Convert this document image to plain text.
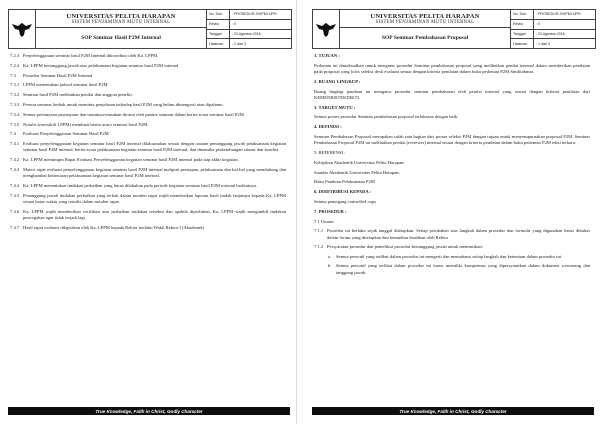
UNIVERSITAS PELITA HARAPAN
SISTEM PENJAMINAN MUTU INTERNAL
SOP Seminar Hasil P2M Internal
No. Dok.	: PROSEDUR-SISPMI-UPH
Revisi	: 0
Tanggal	: 22 Agustus 2016
Halaman	: 2 dari 2
7.2.3 Penyelenggaraan seminar hasil P2M Internal dikoordinir oleh Ka. LPPM.
7.2.4 Ka. LPPM bertanggung jawab atas pelaksanaan kegiatan seminar hasil P2M internal.
7.3	Prosedur Seminar Hasil P2M Internal
7.3.1 LPPM menentukan jadwal seminar hasil P2M
7.3.2 Seminar hasil P2M melibatkan penilai dan anggota peneliti.
7.3.3 Peserta seminar berhak untuk meminta penjelasan terhadap hasil P2M yang belum dimengerti atau dipahami.
7.3.4 Semua pertanyaan-pertanyaan dan masukan-masukan dicatat oleh panitia seminar dalam berita acara seminar hasil P2M.
7.3.5 Notulis (mewakili LPPM) membuat berita acara seminar hasil P2M.
7.4	Evaluasi Penyelenggaraan Seminar Hasil P2M
7.4.1 Evaluasi penyelenggaraan kegiatan seminar hasil P2M internal dilaksanakan sesuai dengan catatan penanggung jawab pelaksanaan kegiatan seminar hasil P2M internal, berita acara pelaksanaan kegiatan seminar hasil P2M internal, dan dinamika perkembangan situasi dan kondisi.
7.4.2 Ka. LPPM memimpin Rapat Evaluasi Penyelenggaraan kegiatan seminar hasil P2M internal pada tiap akhir kegiatan.
7.4.3 Materi rapat evaluasi penyelenggaraan kegiatan seminar hasil P2M internal meliputi persiapan, pelaksanaan dan hal-hal yang mendukung dan menghambat kelancaran pelaksanaan kegiatan seminar hasil P2M internal.
7.4.4 Ka. LPPM menentukan tindakan perbaikan yang harus dilakukan pada periode kegiatan seminar hasil P2M internal berikutnya.
7.4.5 Penanggung jawab tindakan perbaikan yang terkait dalam notulen rapat wajib memberikan laporan hasil tindak lanjutnya kepada Ka. LPPM sesuai batas waktu yang tertulis dalam notulen rapat.
7.4.6 Ka. LPPM wajib memberikan verifikasi atas perbaikan tindakan tersebut dan apabila diperlukan, Ka. LPPM wajib mengambil tindakan pencegahan agar tidak terjadi lagi.
7.4.7 Hasil rapat evaluasi dilaporkan oleh Ka. LPPM kepada Rektor melalui Wakil Rektor I (Akademik)
True Knowledge, Faith in Christ, Godly Character
UNIVERSITAS PELITA HARAPAN
SISTEM PENJAMINAN MUTU INTERNAL
SOP Seminar Pembahasan Proposal
No. Dok.	: PROSEDUR-SISPMI-UPH
Revisi	: 0
Tanggal	: 22 Agustus 2016
Halaman	: 1 dari 3

1. TUJUAN :

Pedoman ini dimaksudkan untuk mengatur prosedur Seminar pembahasan proposal yang melibatkan penilai internal dalam memberikan penilaian pada proposal yang lolos seleksi desk evaluasi sesuai dengan kriteria penilaian dalam buku pedoman P2M Simlitabmas.

2. RUANG LINGKUP :

Ruang lingkup panduan ini mengatur prosedur seminar pembahasan oleh penilai internal yang sesuai dengan kriteria penilaian dari KEMENRISTEKDIKTI.

3. TARGET MUTU :

Semua proses prosedur Seminar pembahasan proposal terlaksana dengan baik.

4. DEFINISI :

Seminar Pembahasan Proposal merupakan salah satu bagian dari proses seleksi P2M dengan tujuan untuk menyempurnakan proposal P2M. Seminar Pembahasan Proposal P2M ini melibatkan penilai (reviewer) internal sesuai dengan kriteria penilaian dalam buku pedoman P2M edisi terbaru.

5. REFERENSI :

Kebijakan Akademik Universitas Pelita Harapan;

Standar Akademik Universitas Pelita Harapan;

Buku Panduan Pelaksanaan P2M

6. DISDTRIBUSI KEPADA :

Semua pemegang controlled copy

7. PROSEDUR :

7.1 Umum

7.1.1 Prosedur ini berlaku sejak tanggal ditetapkan. Setiap perubahan atas langkah dalam prosedur dan formulir yang digunakan harus dibahas dalam forum yang ditetapkan dan kemudian disahkan oleh Rektor
7.1.2 Persyaratan prosedur dan pemeliksa prosedur bertanggung jawab untuk memastikan:
a.	Semua personil yang terlibat dalam prosedur ini mengerti dan memahami setiap langkah dan ketentuan dalam prosedur ini.
b. Semua personil yang terlibat dalam prosedur ini harus memiliki kompetensi yang dipersyaratkan dalam dokumen wewenang dan tanggung jawab.
True Knowledge, Faith in Christ, Godly Character
